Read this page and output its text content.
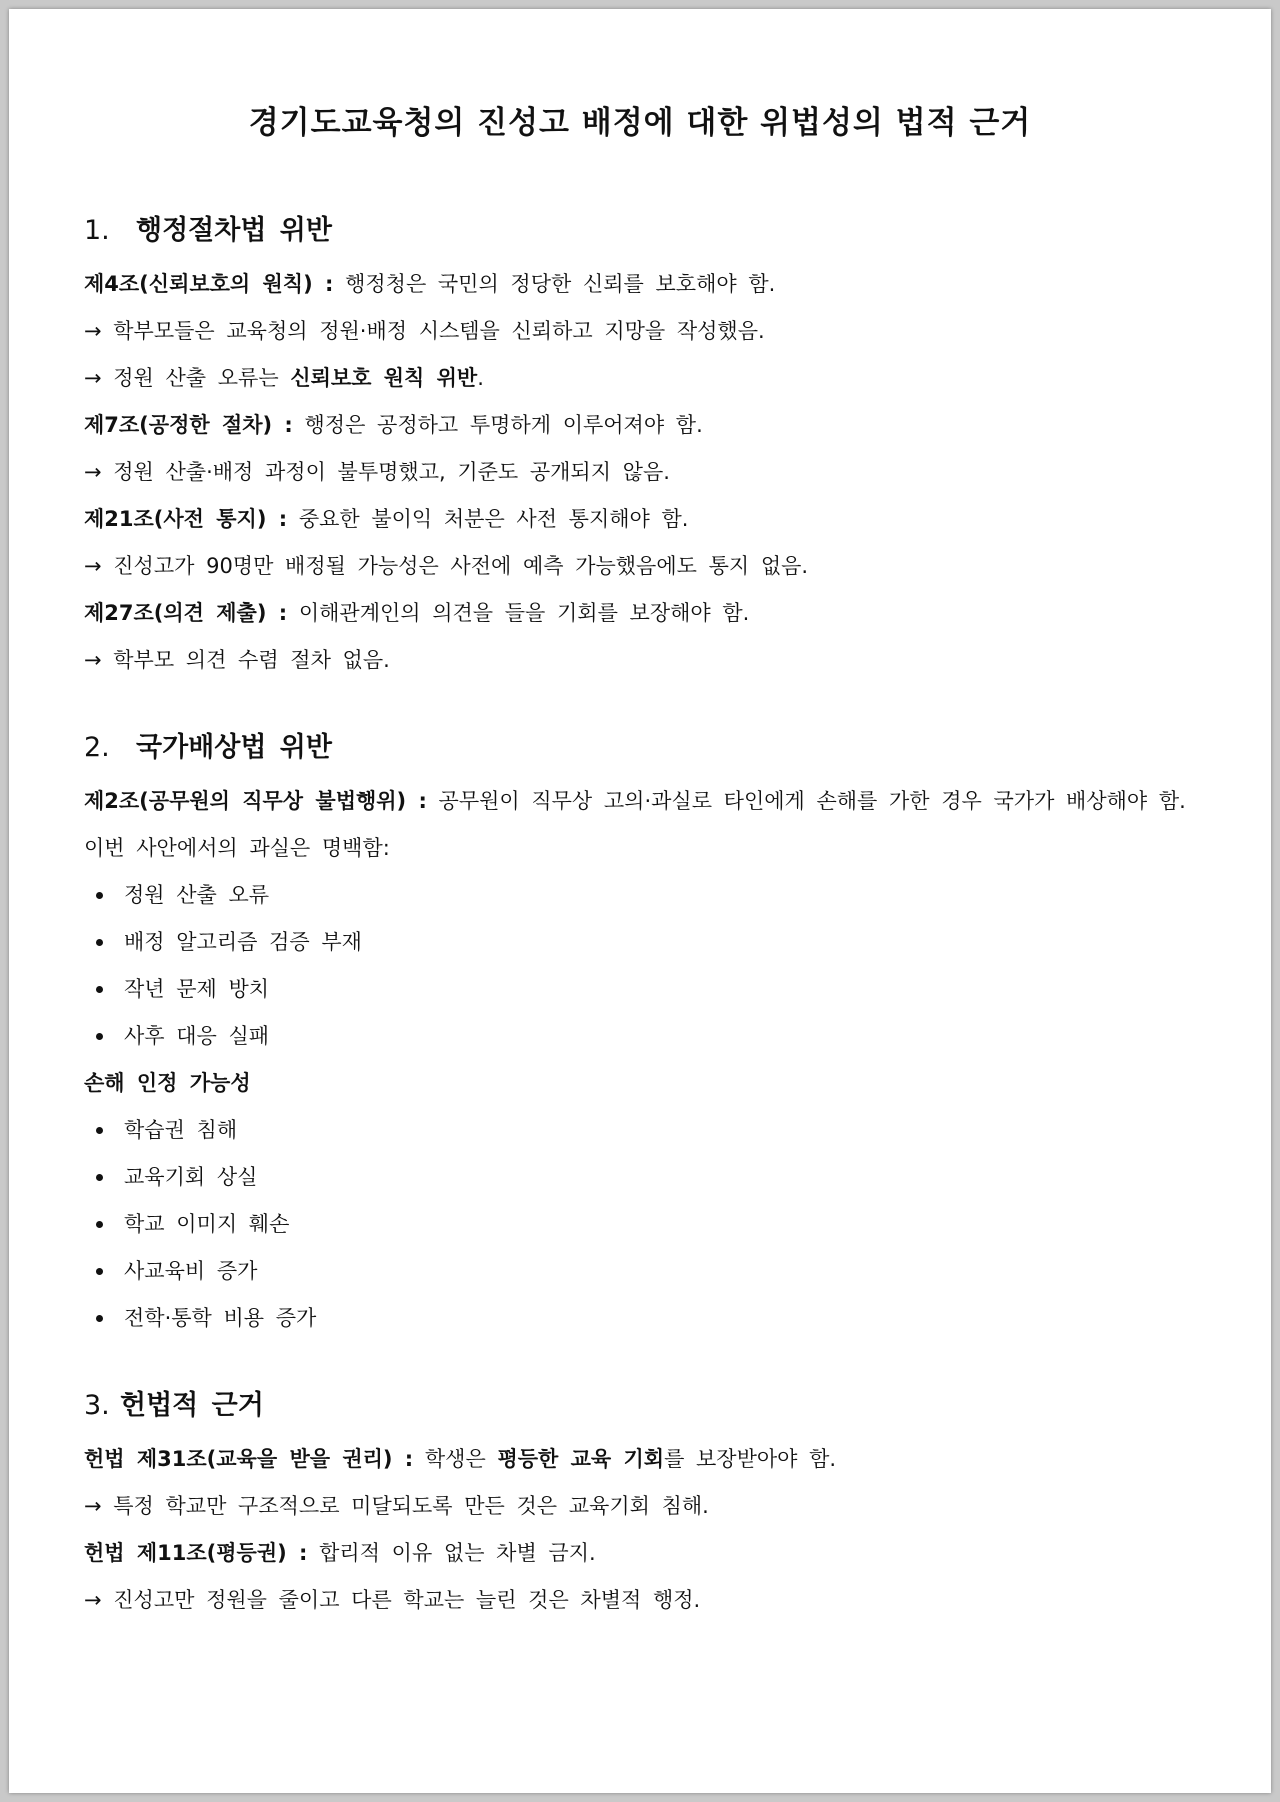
경기도교육청의 진성고 배정에 대한 위법성의 법적 근거
1. 행정절차법 위반
제4조(신뢰보호의 원칙) : 행정청은 국민의 정당한 신뢰를 보호해야 함.
→ 학부모들은 교육청의 정원·배정 시스템을 신뢰하고 지망을 작성했음.
→ 정원 산출 오류는 신뢰보호 원칙 위반.
제7조(공정한 절차) : 행정은 공정하고 투명하게 이루어져야 함.
→ 정원 산출·배정 과정이 불투명했고, 기준도 공개되지 않음.
제21조(사전 통지) : 중요한 불이익 처분은 사전 통지해야 함.
→ 진성고가 90명만 배정될 가능성은 사전에 예측 가능했음에도 통지 없음.
제27조(의견 제출) : 이해관계인의 의견을 들을 기회를 보장해야 함.
→ 학부모 의견 수렴 절차 없음.
2. 국가배상법 위반
제2조(공무원의 직무상 불법행위) : 공무원이 직무상 고의·과실로 타인에게 손해를 가한 경우 국가가 배상해야 함. 이번 사안에서의 과실은 명백함:
정원 산출 오류
배정 알고리즘 검증 부재
작년 문제 방치
사후 대응 실패
손해 인정 가능성
학습권 침해
교육기회 상실
학교 이미지 훼손
사교육비 증가
전학·통학 비용 증가
3. 헌법적 근거
헌법 제31조(교육을 받을 권리) : 학생은 평등한 교육 기회를 보장받아야 함.
→ 특정 학교만 구조적으로 미달되도록 만든 것은 교육기회 침해.
헌법 제11조(평등권) : 합리적 이유 없는 차별 금지.
→ 진성고만 정원을 줄이고 다른 학교는 늘린 것은 차별적 행정.
